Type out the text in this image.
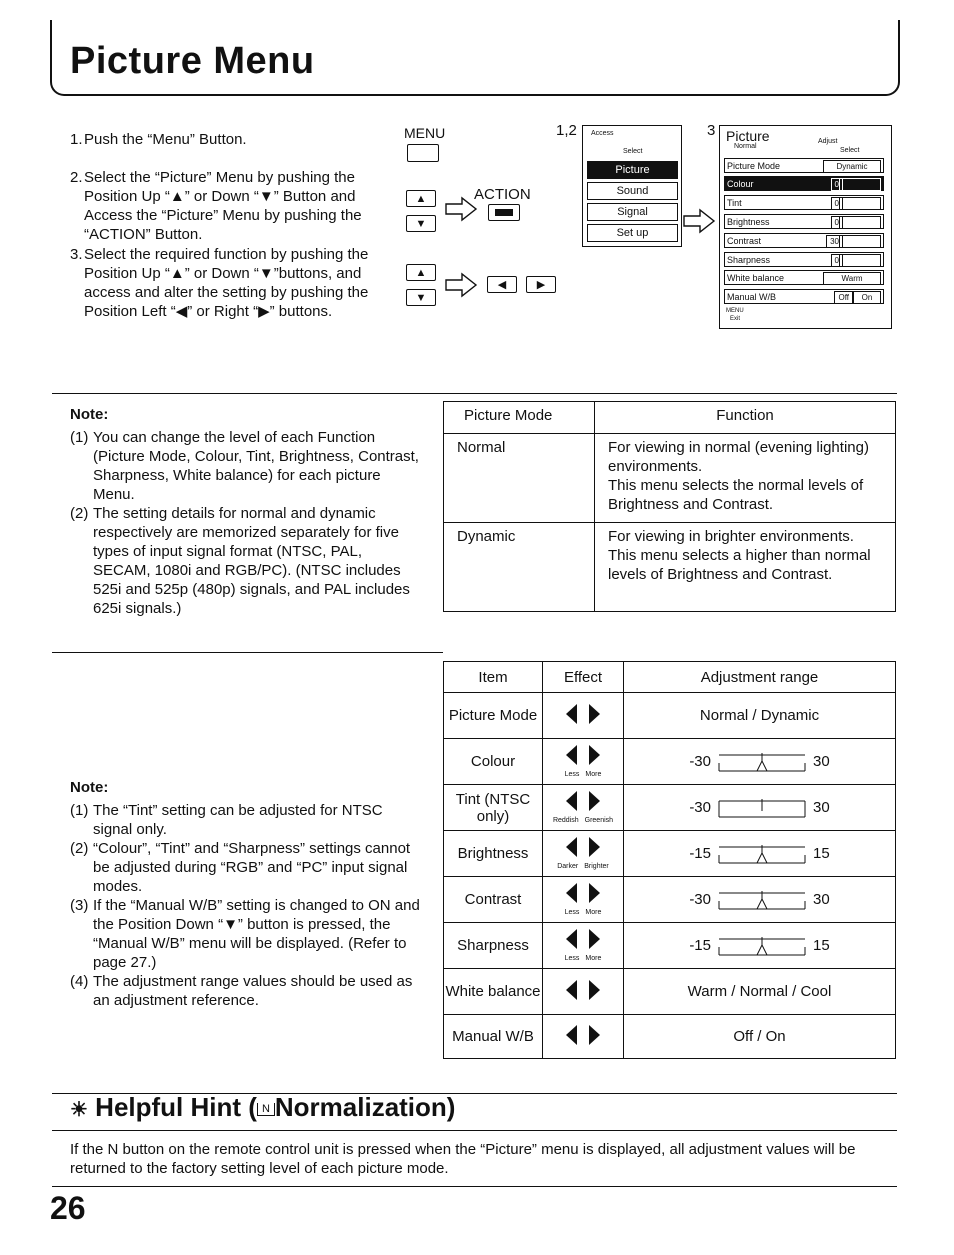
Picture Menu
1. Push the “Menu” Button.
2. Select the “Picture” Menu by pushing the Position Up “▲” or Down “▼” Button and Access the “Picture” Menu by pushing the “ACTION” Button.
3. Select the required function by pushing the Position Up “▲” or Down “▼”buttons, and access and alter the setting by pushing the Position Left “◀” or Right “▶” buttons.
MENU
▲
▼
ACTION
▲
▼
◀	▶
1,2 Access
Select
Picture
Sound
Signal
Set up
3 Picture
Normal
Adjust
Select
Picture Mode	Dynamic
Colour	0
Tint	0
Brightness	0
Contrast	30
Sharpness	0
White balance	Warm
Manual W/B	Off	On
MENU
Exit
Note:
(1) You can change the level of each Function (Picture Mode, Colour, Tint, Brightness, Contrast, Sharpness, White balance) for each picture Menu.
(2) The setting details for normal and dynamic respectively are memorized separately for five types of input signal format (NTSC, PAL, SECAM, 1080i and RGB/PC). (NTSC includes 525i and 525p (480p) signals, and PAL includes 625i signals.)
Picture Mode	Function
Normal	For viewing in normal (evening lighting) environments.
This menu selects the normal levels of Brightness and Contrast.

Dynamic	For viewing in brighter environments.
This menu selects a higher than normal levels of Brightness and Contrast.
Note:
(1) The “Tint” setting can be adjusted for NTSC signal only.
(2) “Colour”, “Tint” and “Sharpness” settings cannot be adjusted during “RGB” and “PC” input signal modes.
(3) If the “Manual W/B” setting is changed to ON and the Position Down “▼” button is pressed, the “Manual W/B” menu will be displayed. (Refer to page 27.)
(4) The adjustment range values should be used as an adjustment reference.
Item	Effect	Adjustment range
Picture Mode		Normal / Dynamic
Colour	Less More	-30 30

Tint (NTSC only)	Reddish Greenish	-30 30

Brightness	Darker Brighter	-15 15

Contrast	Less More	-30 30

Sharpness	Less More	-15 15

White balance		Warm / Normal / Cool
Manual W/B		Off / On
☀ Helpful Hint ( N Normalization)
If the N button on the remote control unit is pressed when the “Picture” menu is displayed, all adjustment values will be returned to the factory setting level of each picture mode.
26
